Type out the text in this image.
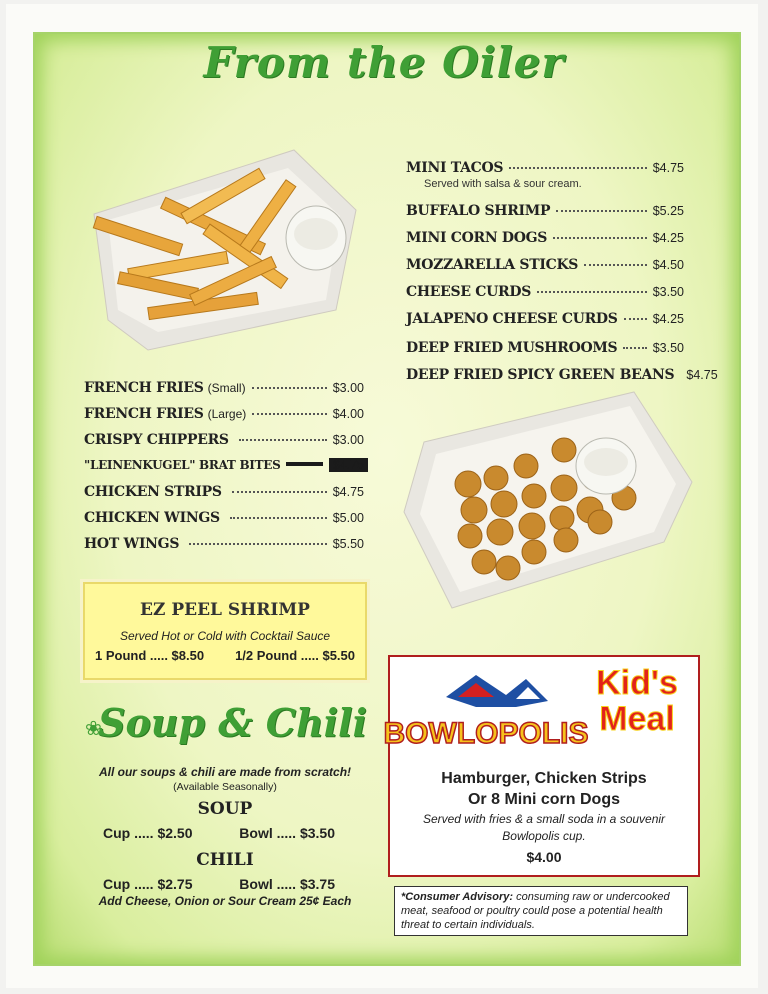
From the Oiler
FRENCH FRIES (Small)	$3.00
FRENCH FRIES (Large)	$4.00
CRISPY CHIPPERS	$3.00
"LEINENKUGEL" BRAT BITES	$4.75
CHICKEN STRIPS	$4.75
CHICKEN WINGS	$5.00
HOT WINGS	$5.50
MINI TACOS	$4.75
Served with salsa & sour cream.
BUFFALO SHRIMP	$5.25
MINI CORN DOGS	$4.25
MOZZARELLA STICKS	$4.50
CHEESE CURDS	$3.50
JALAPENO CHEESE CURDS	$4.25
DEEP FRIED MUSHROOMS	$3.50
DEEP FRIED SPICY GREEN BEANS $4.75
EZ PEEL SHRIMP
Served Hot or Cold with Cocktail Sauce
1 Pound ..... $8.50 1/2 Pound ..... $5.50
Soup & Chili
❀
All our soups & chili are made from scratch!
(Available Seasonally)
SOUP
Cup ..... $2.50	Bowl ..... $3.50
CHILI
Cup ..... $2.75	Bowl ..... $3.75
Add Cheese, Onion or Sour Cream 25¢ Each
BOWLOPOLIS
Kid's
Meal
Hamburger, Chicken Strips
Or 8 Mini corn Dogs
Served with fries & a small soda in a souvenir
Bowlopolis cup.
$4.00
*Consumer Advisory: consuming raw or undercooked meat, seafood or poultry could pose a potential health threat to certain individuals.
